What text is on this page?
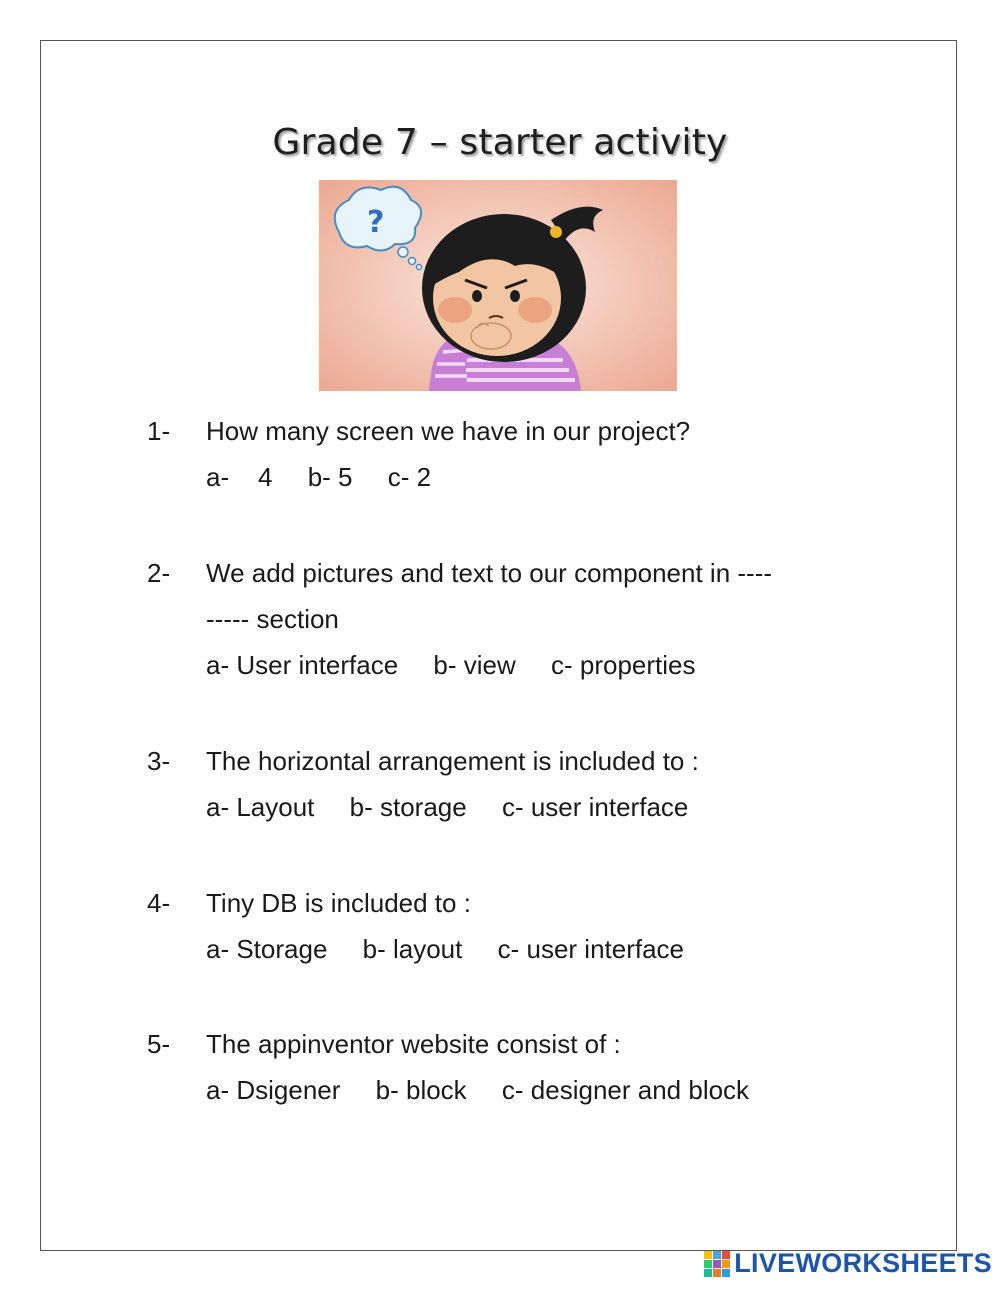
Grade 7 – starter activity
?
1- How many screen we have in our project?
a-    4 b- 5 c- 2
2- We add pictures and text to our component in ----
----- section
a- User interface b- view c- properties
3- The horizontal arrangement is included to :
a- Layout b- storage c- user interface
4- Tiny DB is included to :
a- Storage b- layout c- user interface
5- The appinventor website consist of :
a- Dsigener b- block c- designer and block
LIVEWORKSHEETS
